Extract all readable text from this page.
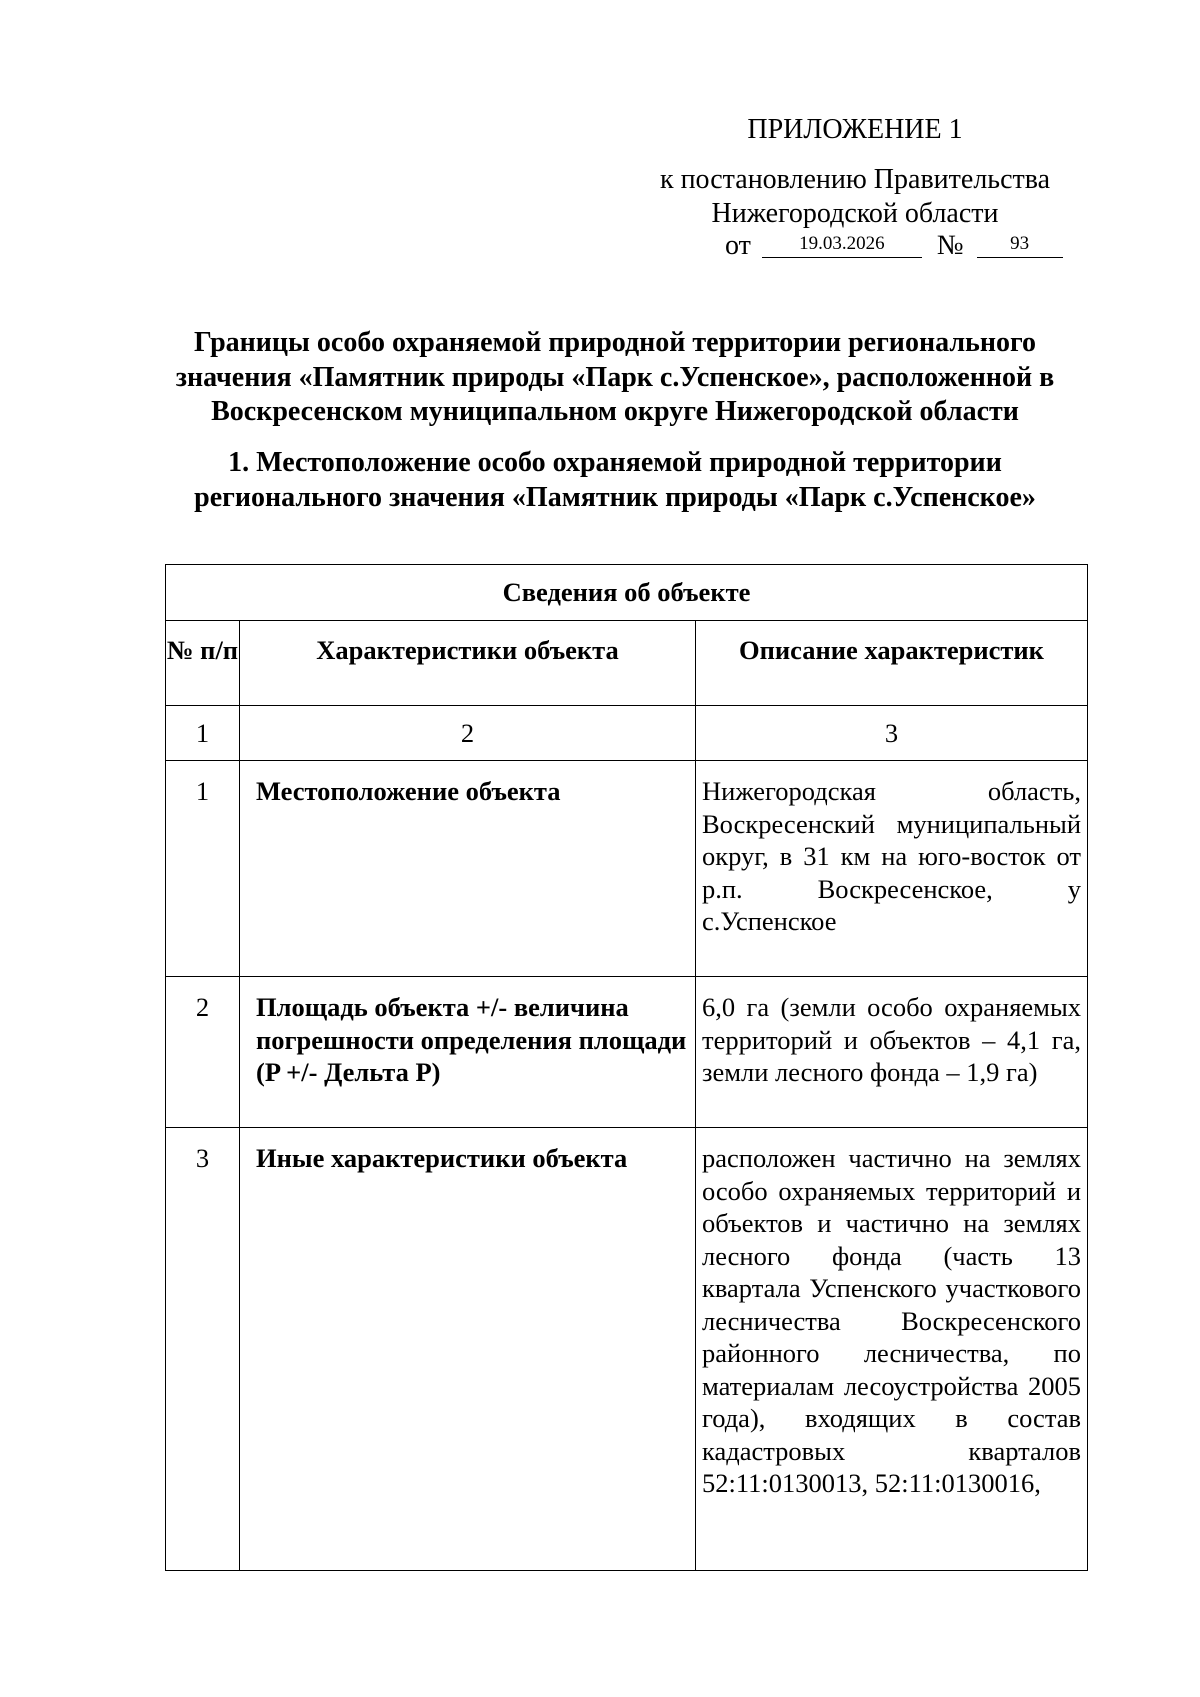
ПРИЛОЖЕНИЕ 1
к постановлению Правительства
Нижегородской области
от	19.03.2026 № 93
Границы особо охраняемой природной территории регионального значения «Памятник природы «Парк с.Успенское», расположенной в Воскресенском муниципальном округе Нижегородской области
1. Местоположение особо охраняемой природной территории регионального значения «Памятник природы «Парк с.Успенское»
Сведения об объекте		

№ п/п	Характеристики объекта	Описание характеристик

1	2	3

1	Местоположение объекта	Нижегородская область, Воскресенский муниципальный округ, в 31 км на юго-восток от р.п. Воскресенское, у с.Успенское

2	Площадь объекта +/- величина погрешности определения площади (P +/- Дельта P)	6,0 га (земли особо охраняемых территорий и объектов – 4,1 га, земли лесного фонда – 1,9 га)

3	Иные характеристики объекта	расположен частично на землях особо охраняемых территорий и объектов и частично на землях лесного фонда (часть 13 квартала Успенского участкового лесничества Воскресенского районного лесничества, по материалам лесоустройства 2005 года), входящих в состав кадастровых кварталов 52:11:0130013, 52:11:0130016,
